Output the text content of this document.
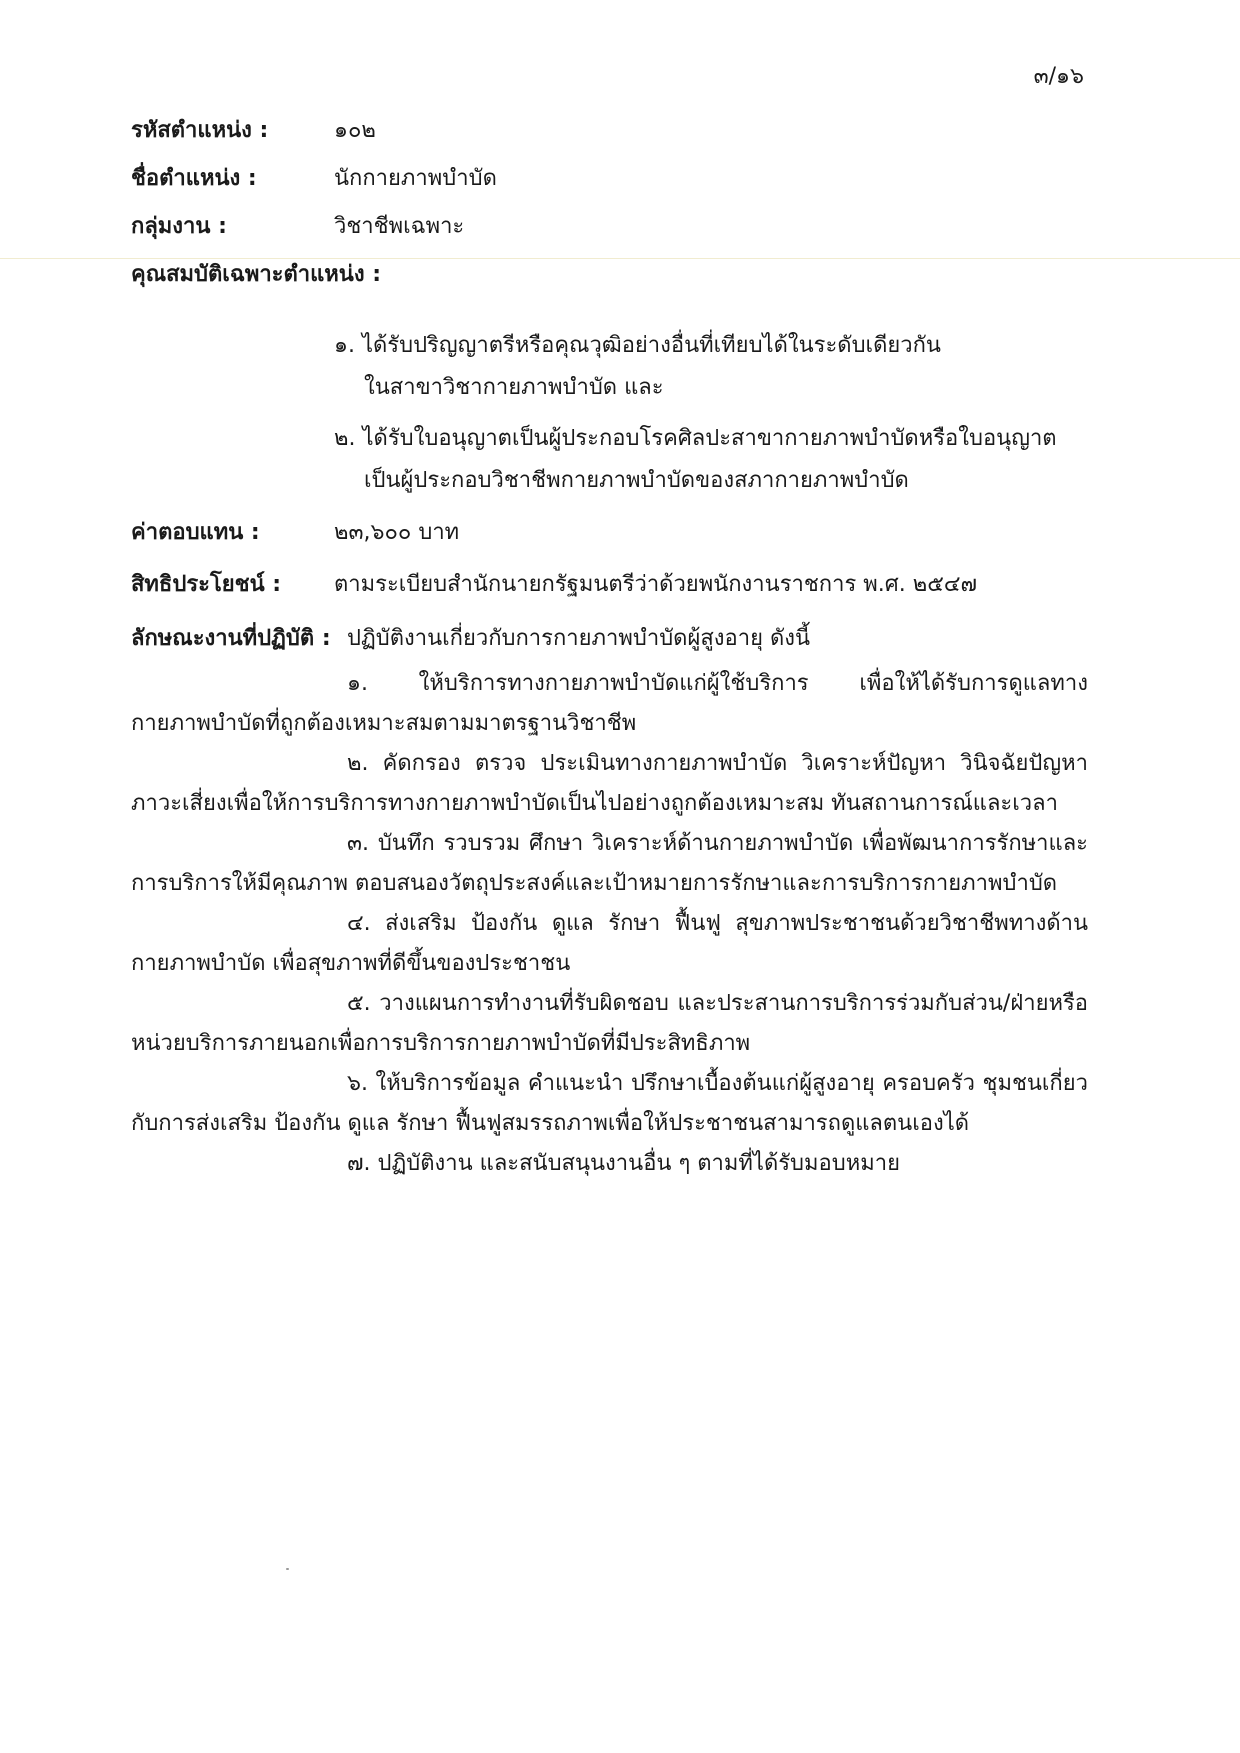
๓/๑๖
รหัสตำแหน่ง :	๑๐๒
ชื่อตำแหน่ง :	นักกายภาพบำบัด
กลุ่มงาน :	วิชาชีพเฉพาะ
คุณสมบัติเฉพาะตำแหน่ง :
๑. ได้รับปริญญาตรีหรือคุณวุฒิอย่างอื่นที่เทียบได้ในระดับเดียวกัน
ในสาขาวิชากายภาพบำบัด และ
๒. ได้รับใบอนุญาตเป็นผู้ประกอบโรคศิลปะสาขากายภาพบำบัดหรือใบอนุญาต
เป็นผู้ประกอบวิชาชีพกายภาพบำบัดของสภากายภาพบำบัด
ค่าตอบแทน :	๒๓,๖๐๐ บาท
สิทธิประโยชน์ : ตามระเบียบสำนักนายกรัฐมนตรีว่าด้วยพนักงานราชการ พ.ศ. ๒๕๔๗
ลักษณะงานที่ปฏิบัติ : ปฏิบัติงานเกี่ยวกับการกายภาพบำบัดผู้สูงอายุ ดังนี้
๑. ให้บริการทางกายภาพบำบัดแก่ผู้ใช้บริการ เพื่อให้ได้รับการดูแลทางกายภาพบำบัดที่ถูกต้องเหมาะสมตามมาตรฐานวิชาชีพ
๒. คัดกรอง ตรวจ ประเมินทางกายภาพบำบัด วิเคราะห์ปัญหา วินิจฉัยปัญหาภาวะเสี่ยงเพื่อให้การบริการทางกายภาพบำบัดเป็นไปอย่างถูกต้องเหมาะสม ทันสถานการณ์และเวลา
๓. บันทึก รวบรวม ศึกษา วิเคราะห์ด้านกายภาพบำบัด เพื่อพัฒนาการรักษาและการบริการให้มีคุณภาพ ตอบสนองวัตถุประสงค์และเป้าหมายการรักษาและการบริการกายภาพบำบัด
๔. ส่งเสริม ป้องกัน ดูแล รักษา ฟื้นฟู สุขภาพประชาชนด้วยวิชาชีพทางด้านกายภาพบำบัด เพื่อสุขภาพที่ดีขึ้นของประชาชน
๕. วางแผนการทำงานที่รับผิดชอบ และประสานการบริการร่วมกับส่วน/ฝ่ายหรือหน่วยบริการภายนอกเพื่อการบริการกายภาพบำบัดที่มีประสิทธิภาพ
๖. ให้บริการข้อมูล คำแนะนำ ปรึกษาเบื้องต้นแก่ผู้สูงอายุ ครอบครัว ชุมชนเกี่ยวกับการส่งเสริม ป้องกัน ดูแล รักษา ฟื้นฟูสมรรถภาพเพื่อให้ประชาชนสามารถดูแลตนเองได้
๗. ปฏิบัติงาน และสนับสนุนงานอื่น ๆ ตามที่ได้รับมอบหมาย
